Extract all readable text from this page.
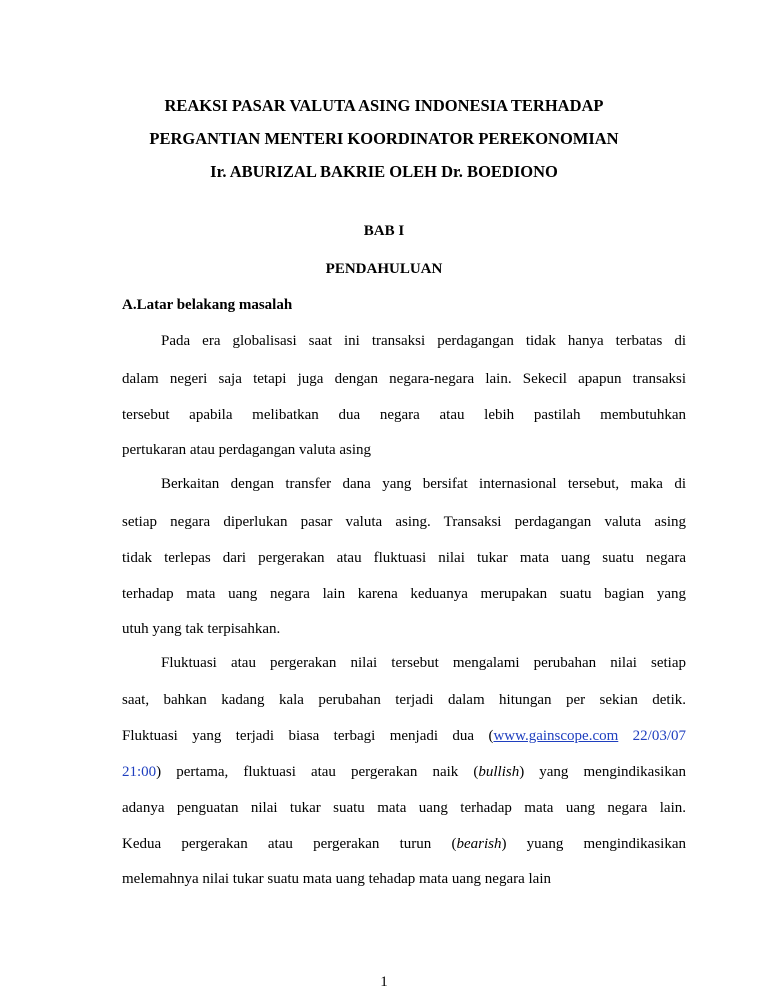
REAKSI PASAR VALUTA ASING INDONESIA TERHADAP
PERGANTIAN MENTERI KOORDINATOR PEREKONOMIAN
Ir. ABURIZAL BAKRIE OLEH Dr. BOEDIONO
BAB I
PENDAHULUAN
A.Latar belakang masalah
Pada era globalisasi saat ini transaksi perdagangan tidak hanya terbatas di
dalam negeri saja tetapi juga dengan negara-negara lain. Sekecil apapun transaksi
tersebut apabila melibatkan dua negara atau lebih pastilah membutuhkan
pertukaran atau perdagangan valuta asing
Berkaitan dengan transfer dana yang bersifat internasional tersebut, maka di
setiap negara diperlukan pasar valuta asing. Transaksi perdagangan valuta asing
tidak terlepas dari pergerakan atau fluktuasi nilai tukar mata uang suatu negara
terhadap mata uang negara lain karena keduanya merupakan suatu bagian yang
utuh yang tak terpisahkan.
Fluktuasi atau pergerakan nilai tersebut mengalami perubahan nilai setiap
saat, bahkan kadang kala perubahan terjadi dalam hitungan per sekian detik.
Fluktuasi yang terjadi biasa terbagi menjadi dua (www.gainscope.com 22/03/07
21:00) pertama, fluktuasi atau pergerakan naik (bullish) yang mengindikasikan
adanya penguatan nilai tukar suatu mata uang terhadap mata uang negara lain.
Kedua pergerakan atau pergerakan turun (bearish) yuang mengindikasikan
melemahnya nilai tukar suatu mata uang tehadap mata uang negara lain
1
